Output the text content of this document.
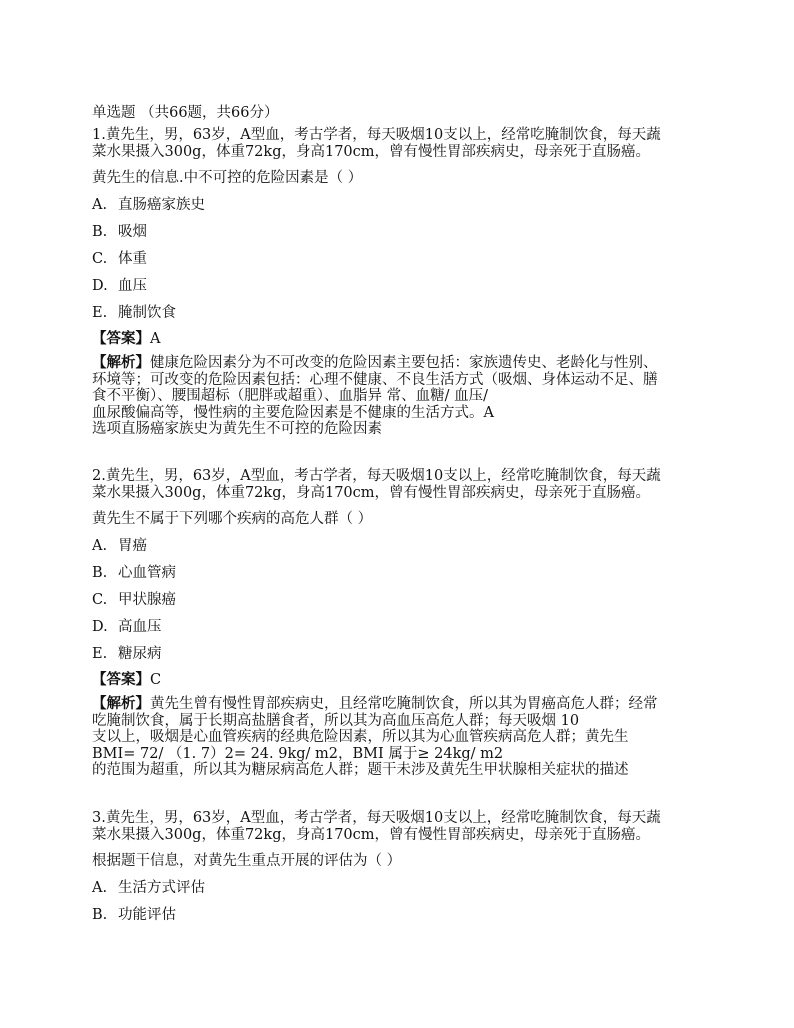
单选题 （共66题，共66分）
1.黄先生，男，63岁，A型血，考古学者，每天吸烟10支以上，经常吃腌制饮食，每天蔬
菜水果摄入300g，体重72kg，身高170cm，曾有慢性胃部疾病史，母亲死于直肠癌。
黄先生的信息.中不可控的危险因素是（ ）
A. 直肠癌家族史
B. 吸烟
C. 体重
D. 血压
E. 腌制饮食
【答案】A
【解析】健康危险因素分为不可改变的危险因素主要包括：家族遗传史、老龄化与性别、
环境等；可改变的危险因素包括：心理不健康、不良生活方式（吸烟、身体运动不足、膳
食不平衡）、腰围超标（肥胖或超重）、血脂异 常、血糖/ 血压/
血尿酸偏高等，慢性病的主要危险因素是不健康的生活方式。A
选项直肠癌家族史为黄先生不可控的危险因素
2.黄先生，男，63岁，A型血，考古学者，每天吸烟10支以上，经常吃腌制饮食，每天蔬
菜水果摄入300g，体重72kg，身高170cm，曾有慢性胃部疾病史，母亲死于直肠癌。
黄先生不属于下列哪个疾病的高危人群（ ）
A. 胃癌
B. 心血管病
C. 甲状腺癌
D. 高血压
E. 糖尿病
【答案】C
【解析】黄先生曾有慢性胃部疾病史，且经常吃腌制饮食，所以其为胃癌高危人群；经常
吃腌制饮食，属于长期高盐膳食者，所以其为高血压高危人群；每天吸烟 10
支以上，吸烟是心血管疾病的经典危险因素，所以其为心血管疾病高危人群；黄先生
BMI= 72/ （1. 7）2= 24. 9kg/ m2，BMI 属于≥ 24kg/ m2
的范围为超重，所以其为糖尿病高危人群；题干未涉及黄先生甲状腺相关症状的描述
3.黄先生，男，63岁，A型血，考古学者，每天吸烟10支以上，经常吃腌制饮食，每天蔬
菜水果摄入300g，体重72kg，身高170cm，曾有慢性胃部疾病史，母亲死于直肠癌。
根据题干信息，对黄先生重点开展的评估为（ ）
A. 生活方式评估
B. 功能评估
